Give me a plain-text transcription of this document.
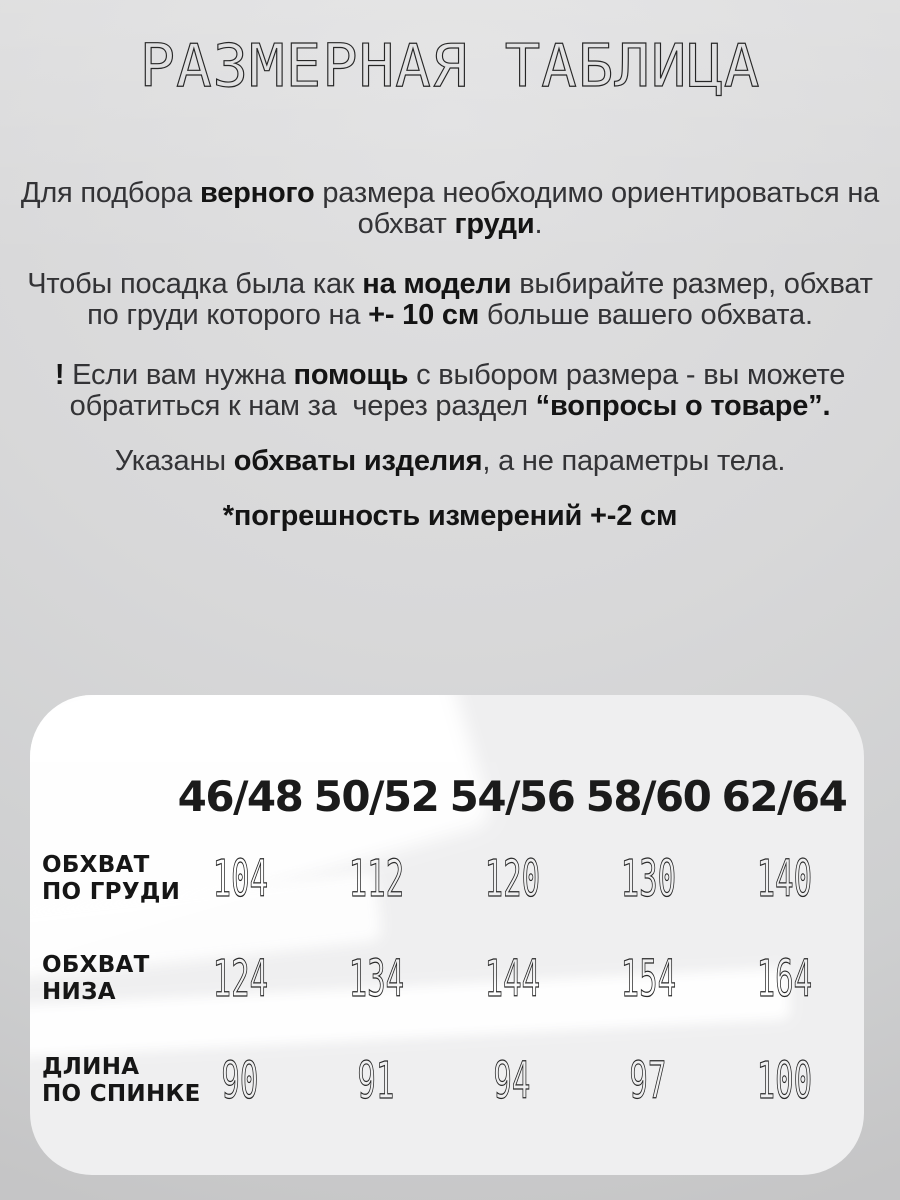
РАЗМЕРНАЯ ТАБЛИЦА

Для подбора верного размера необходимо ориентироваться на
обхват груди.

Чтобы посадка была как на модели выбирайте размер, обхват
по груди которого на +- 10 см больше вашего обхвата.

! Если вам нужна помощь с выбором размера - вы можете
обратиться к нам за  через раздел “вопросы о товаре”.

Указаны обхваты изделия, а не параметры тела.

*погрешность измерений +-2 см

46/48 50/52 54/56 58/60 62/64
ОБХВАТ
ПО ГРУДИ 104 112 120 130 140
ОБХВАТ
НИЗА	124 134 144 154 164
ДЛИНА
ПО СПИНКЕ 90 91 94 97 100
